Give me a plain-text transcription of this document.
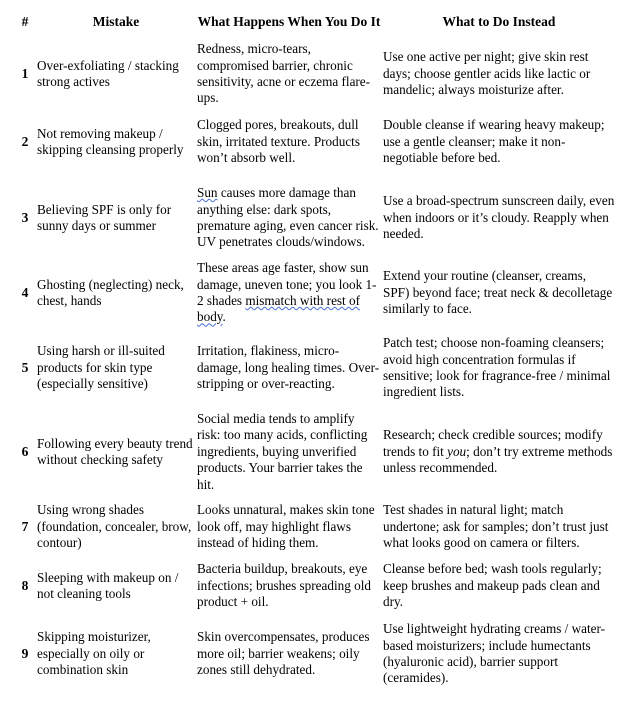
#	Mistake	What Happens When You Do It	What to Do Instead
1	Over-exfoliating / stacking strong actives	Redness, micro-tears, compromised barrier, chronic sensitivity, acne or eczema flare-ups.	Use one active per night; give skin rest days; choose gentler acids like lactic or mandelic; always moisturize after.
2	Not removing makeup / skipping cleansing properly	Clogged pores, breakouts, dull skin, irritated texture. Products won’t absorb well.	Double cleanse if wearing heavy makeup; use a gentle cleanser; make it non-negotiable before bed.
3	Believing SPF is only for sunny days or summer	Sun causes more damage than anything else: dark spots, premature aging, even cancer risk. UV penetrates clouds/windows.	Use a broad-spectrum sunscreen daily, even when indoors or it’s cloudy. Reapply when needed.
4	Ghosting (neglecting) neck, chest, hands	These areas age faster, show sun damage, uneven tone; you look 1-2 shades mismatch with rest of body.	Extend your routine (cleanser, creams, SPF) beyond face; treat neck & decolletage similarly to face.
5	Using harsh or ill-suited products for skin type (especially sensitive)	Irritation, flakiness, micro-damage, long healing times. Over-stripping or over-reacting.	Patch test; choose non-foaming cleansers; avoid high concentration formulas if sensitive; look for fragrance-free / minimal ingredient lists.
6	Following every beauty trend without checking safety	Social media tends to amplify risk: too many acids, conflicting ingredients, buying unverified products. Your barrier takes the hit.	Research; check credible sources; modify trends to fit you; don’t try extreme methods unless recommended.
7	Using wrong shades (foundation, concealer, brow, contour)	Looks unnatural, makes skin tone look off, may highlight flaws instead of hiding them.	Test shades in natural light; match undertone; ask for samples; don’t trust just what looks good on camera or filters.
8	Sleeping with makeup on / not cleaning tools	Bacteria buildup, breakouts, eye infections; brushes spreading old product + oil.	Cleanse before bed; wash tools regularly; keep brushes and makeup pads clean and dry.
9	Skipping moisturizer, especially on oily or combination skin	Skin overcompensates, produces more oil; barrier weakens; oily zones still dehydrated.	Use lightweight hydrating creams / water-based moisturizers; include humectants (hyaluronic acid), barrier support (ceramides).
